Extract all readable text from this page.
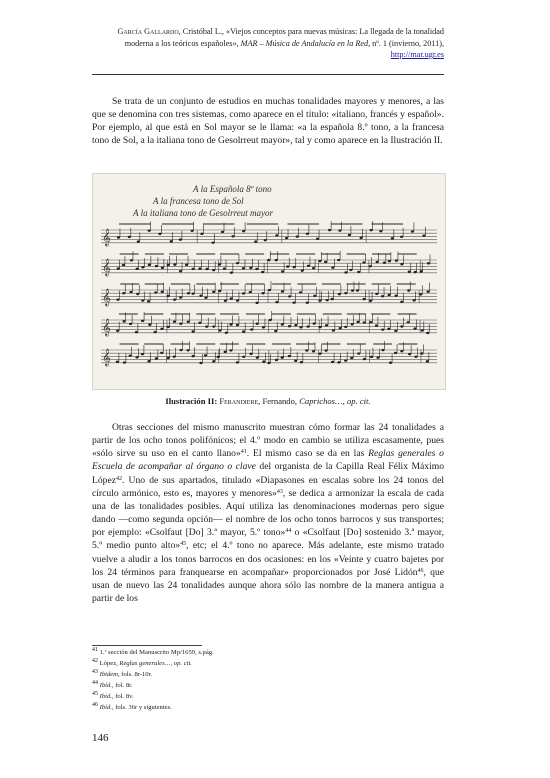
García Gallardo, Cristóbal L., «Viejos conceptos para nuevas músicas: La llegada de la tonalidad moderna a los teóricos españoles», MAR – Música de Andalucía en la Red, nº. 1 (invierno, 2011), http://mar.ugr.es

Se trata de un conjunto de estudios en muchas tonalidades mayores y menores, a las que se denomina con tres sistemas, como aparece en el título: «italiano, francés y español». Por ejemplo, al que está en Sol mayor se le llama: «a la española 8.º tono, a la francesa tono de Sol, a la italiana tono de Gesolrreut mayor», tal y como aparece en la Ilustración II.

A la Española 8º tono
A la francesa tono de Sol
A la italiana tono de Gesolrreut mayor
𝄞
𝄞
𝄞
𝄞
𝄞
Ilustración II: Ferandiere, Fernando, Caprichos…, op. cit.

Otras secciones del mismo manuscrito muestran cómo formar las 24 tonalidades a partir de los ocho tonos polifónicos; el 4.º modo en cambio se utiliza escasamente, pues «sólo sirve su uso en el canto llano»$^{41}$. El mismo caso se da en las Reglas generales o Escuela de acompañar al órgano o clave del organista de la Capilla Real Félix Máximo López$^{42}$. Uno de sus apartados, titulado «Diapasones en escalas sobre los 24 tonos del círculo armónico, esto es, mayores y menores»$^{43}$, se dedica a armonizar la escala de cada una de las tonalidades posibles. Aquí utiliza las denominaciones modernas pero sigue dando —como segunda opción— el nombre de los ocho tonos barrocos y sus transportes; por ejemplo: «Csolfaut [Do] 3.ª mayor, 5.º tono»$^{44}$ o «Csolfaut [Do] sostenido 3.ª mayor, 5.º medio punto alto»$^{45}$, etc; el 4.º tono no aparece. Más adelante, este mismo tratado vuelve a aludir a los tonos barrocos en dos ocasiones: en los «Veinte y cuatro bajetes por los 24 términos para franquearse en acompañar» proporcionados por José Lidón$^{46}$, que usan de nuevo las 24 tonalidades aunque ahora sólo las nombre de la manera antigua a partir de los

$^{41}$ 1.ª sección del Manuscrito Mp/1659, s.pág.
$^{42}$ López, Reglas generales…, op. cit.
$^{43}$ Ibidem, fols. 8r-10r.
$^{44}$ Ibíd., fol. 8r.
$^{45}$ Ibíd., fol. 8v.
$^{46}$ Ibíd., fols. 36r y siguientes.
146
